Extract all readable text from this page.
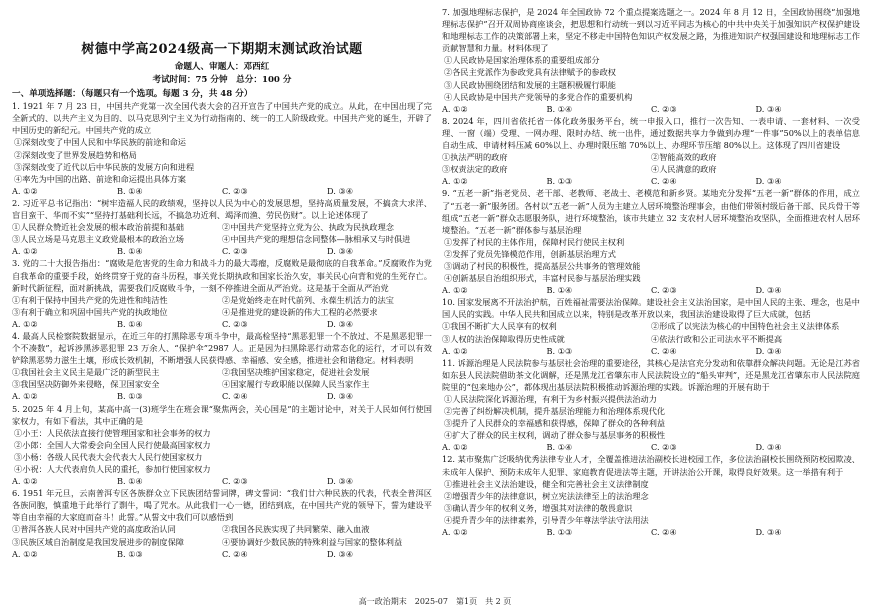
树德中学高2024级高一下期期末测试政治试题
命题人、审题人：邓西红
考试时间：75 分钟　总分：100 分
一、单项选择题：（每题只有一个选项。每题 3 分，共 48 分）

1. 1921 年 7 月 23 日，中国共产党第一次全国代表大会的召开宣告了中国共产党的成立。从此，在中国出现了完全新式的、以共产主义为目的、以马克思列宁主义为行动指南的、统一的工人阶级政党。中国共产党的诞生，开辟了中国历史的新纪元。中国共产党的成立

①深刻改变了中国人民和中华民族的前途和命运

②深刻改变了世界发展趋势和格局

③深刻改变了近代以后中华民族的发展方向和进程

④率先为中国的出路、前途和命运提出具体方案

A. ①②	B. ①④	C. ②③	D. ③④

2. 习近平总书记指出：“树牢造福人民的政绩观，坚持以人民为中心的发展思想，坚持高质量发展，不搞贪大求洋、盲目蛮干、华而不实”“坚持打基础利长远，不搞急功近利、竭泽而渔、劳民伤财”。以上论述体现了

①人民群众赞近社会发展的根本政治前提和基础	②中国共产党坚持立党为公、执政为民执政理念
③人民立场是马克思主义政党最根本的政治立场	④中国共产党的理想信念同整体—脉相承又与时俱进
A. ①②	B. ①④	C. ②③	D. ③④

3. 党的二十大报告指出：“腐败是危害党的生命力和战斗力的最大毒瘤，反腐败是最彻底的自我革命。”反腐败作为党自我革命的重要手段，始终贯穿于党的奋斗历程，事关党长期执政和国家长治久安，事关民心向背和党的生死存亡。新时代新征程，面对新挑战，需要我们反腐败斗争，一刻不停推进全面从严治党。这是基于全面从严治党

①有利于保持中国共产党的先进性和纯洁性	②是党始终走在时代前列、永葆生机活力的法宝
③有利于确立和巩固中国共产党的执政地位	④是推进党的建设新的伟大工程的必然要求
A. ①②	B. ①④	C. ②③	D. ③④

4. 最高人民检察院数据显示，在近三年的打黑除恶专项斗争中，最高检坚持“黑恶犯罪一个不放过、不是黑恶犯罪一个不凑数”，起诉涉黑涉恶犯罪 23 万余人、“保护伞”2987 人。正是因为扫黑除恶行动常态化的运行，才可以有效铲除黑恶势力滋生土壤，形成长效机制，不断增强人民获得感、幸福感、安全感，推进社会和谐稳定。材料表明

①我国社会主义民主是最广泛的新型民主	②我国坚决维护国家稳定，促进社会发展
③我国坚决防御外来侵略，保卫国家安全	④国家履行专政职能以保障人民当家作主
A. ①②	B. ①③	C. ②④	D. ③④

5. 2025 年 4 月上旬，某高中高一(3)班学生在班会课“聚焦两会，关心国是”的主题讨论中，对关于人民如何行使国家权力，有如下看法，其中正确的是

①小王：人民依法直接行使管理国家和社会事务的权力

②小郎：全国人大常委会向全国人民行使最高国家权力

③小杨：各级人民代表大会代表大人民行使国家权力

④小祝：人大代表肩负人民的重托，参加行使国家权力

A. ①②	B. ①④	C. ②③	D. ③④

6. 1951 年元旦，云南普洱专区各族群众立下民族团结誓词牌，碑文誓词：“我们廿六种民族的代表，代表全普洱区各族同胞，慎重地于此举行了剽牛，喝了咒水。从此我们一心一德，团结到底，在中国共产党的领导下，誓为建设平等自由幸福的大家庭而奋斗！此誓。”从誓文中我们可以感悟到

①普洱各族人民对中国共产党的高度政治认同	②我国各民族实现了共同繁荣、融入血液
③民族区域自治制度是我国发展进步的制度保障	④要协调好少数民族的特殊利益与国家的整体利益
A. ①②	B. ①③	C. ②④	D. ③④

7. 加强地理标志保护，是 2024 年全国政协 72 个重点提案选题之一。2024 年 8 月 12 日，全国政协围绕“加强地理标志保护”召开双周协商座谈会，把思想和行动统一到以习近平同志为核心的中共中央关于加强知识产权保护建设和地理标志工作的决策部署上来，坚定不移走中国特色知识产权发展之路，为推进知识产权强国建设和地理标志工作贡献智慧和力量。材料体现了

①人民政协是国家治理体系的重要组成部分

②各民主党派作为参政党具有法律赋予的参政权

③人民政协围绕团结和发展的主题积极履行职能

④人民政协是中国共产党领导的多党合作的重要机构

A. ①②	B. ①④	C. ②③	D. ③④

8. 2024 年，四川省依托省一体化政务服务平台，统一申报入口，推行一次告知、一表申请、一套材料、一次受理、一窗（端）受理、一网办理、限时办结、统一出件，通过数据共享力争做到办理“一件事”50%以上的表单信息自动生成、申请材料压减 60%以上、办理时限压缩 70%以上、办理环节压缩 80%以上。这体现了四川省建设

①执法严明的政府	②智能高效的政府
③权责法定的政府	④人民满意的政府
A. ①②	B. ①③	C. ②④	D. ③④

9. “五老一新”指老党员、老干部、老教师、老战士、老模范和新乡贤。某地充分发挥“五老一新”群体的作用，成立了“五老一新”服务团。各村以“五老一新”人员为主建立人居环境整治理事会，由他们带领村级后备干部、民兵骨干等组成“五老一新”群众志愿服务队，进行环境整治，该市共建立 32 支农村人居环境整治攻坚队，全面推进农村人居环境整治。“五老一新”群体参与基层治理

①发挥了村民的主体作用，保障村民行使民主权利

②发挥了党员先锋模范作用，创新基层治理方式

③调动了村民的积极性，提高基层公共事务的管理效能

④创新基层自治组织形式，丰富村民参与基层治理实践

A. ①②	B. ①④	C. ②③	D. ③④

10. 国家发展离不开法治护航，百姓福祉需要法治保障。建设社会主义法治国家，是中国人民的主张、理念，也是中国人民的实践。中华人民共和国成立以来，特别是改革开放以来，我国法治建设取得了巨大成就，包括

①我国不断扩大人民享有的权利	②形成了以宪法为核心的中国特色社会主义法律体系
③人权的法治保障取得历史性成就	④依法行政和公正司法水平不断提高
A. ①②	B. ①③	C. ②④	D. ③④

11. 诉源治理是人民法院参与基层社会治理的重要途径，其核心是法官充分发动和依靠群众解决问题。无论是江苏省如东县人民法院借助茶文化调解，还是黑龙江省肇东市人民法院设立的“船头审判”，还是黑龙江省肇东市人民法院庭院里的“包来地办公”，都体现出基层法院积极推动诉源治理的实践。诉源治理的开展有助于

①人民法院深化诉源治理，有利于为乡村振兴提供法治动力

②完善了纠纷解决机制，提升基层治理能力和治理体系现代化

③提升了人民群众的幸福感和获得感，保障了群众的各种利益

④扩大了群众的民主权利，调动了群众参与基层事务的积极性

A. ①②	B. ①④	C. ②③	D. ③④

12. 某市聚焦广泛吸纳优秀法律专业人才，全覆盖推进法治副校长进校园工作，多位法治副校长围绕预防校园欺凌、未成年人保护、预防未成年人犯罪、家庭教育促进法等主题，开讲法治公开课，取得良好效果。这一举措有利于

①推进社会主义法治建设，健全和完善社会主义法律制度

②增强青少年的法律意识，树立宪法法律至上的法治理念

③确认青少年的权利义务，增强其对法律的敬畏意识

④提升青少年的法律素养，引导青少年尊法学法守法用法

A. ①②	B. ①③	C. ②④	D. ③④
高一政治期末　2025-07　第1页　共 2 页
